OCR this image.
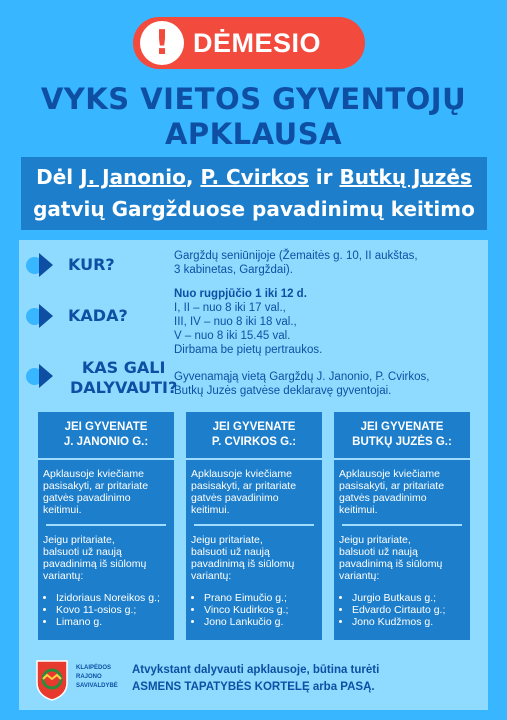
! DĖMESIO
VYKS VIETOS GYVENTOJŲ
APKLAUSA
Dėl J. Janonio, P. Cvirkos ir Butkų Juzės
gatvių Gargžduose pavadinimų keitimo
KUR?	Gargždų seniūnijoje (Žemaitės g. 10, II aukštas,
3 kabinetas, Gargždai).
KADA?
Nuo rugpjūčio 1 iki 12 d.
I, II – nuo 8 iki 17 val.,
III, IV – nuo 8 iki 18 val.,
V – nuo 8 iki 15.45 val.
Dirbama be pietų pertraukos.
KAS GALI
DALYVAUTI?
Gyvenamąją vietą Gargždų J. Janonio, P. Cvirkos,
Butkų Juzės gatvėse deklaravę gyventojai.
JEI GYVENATE
J. JANONIO G.:
Apklausoje kviečiame
pasisakyti, ar pritariate
gatvės pavadinimo
keitimui.
Jeigu pritariate,
balsuoti už naują
pavadinimą iš siūlomų
variantų:
• Izidoriaus Noreikos g.;
• Kovo 11-osios g.;
• Limano g.
JEI GYVENATE
P. CVIRKOS G.:
Apklausoje kviečiame
pasisakyti, ar pritariate
gatvės pavadinimo
keitimui.
Jeigu pritariate,
balsuoti už naują
pavadinimą iš siūlomų
variantų:
• Prano Eimučio g.;
• Vinco Kudirkos g.;
• Jono Lankučio g.
JEI GYVENATE
BUTKŲ JUZĖS G.:
Apklausoje kviečiame
pasisakyti, ar pritariate
gatvės pavadinimo
keitimui.
Jeigu pritariate,
balsuoti už naują
pavadinimą iš siūlomų
variantų:
• Jurgio Butkaus g.;
• Edvardo Cirtauto g.;
• Jono Kudžmos g.
KLAIPĖDOS
RAJONO
SAVIVALDYBĖ
Atvykstant dalyvauti apklausoje, būtina turėti
ASMENS TAPATYBĖS KORTELĘ arba PASĄ.
